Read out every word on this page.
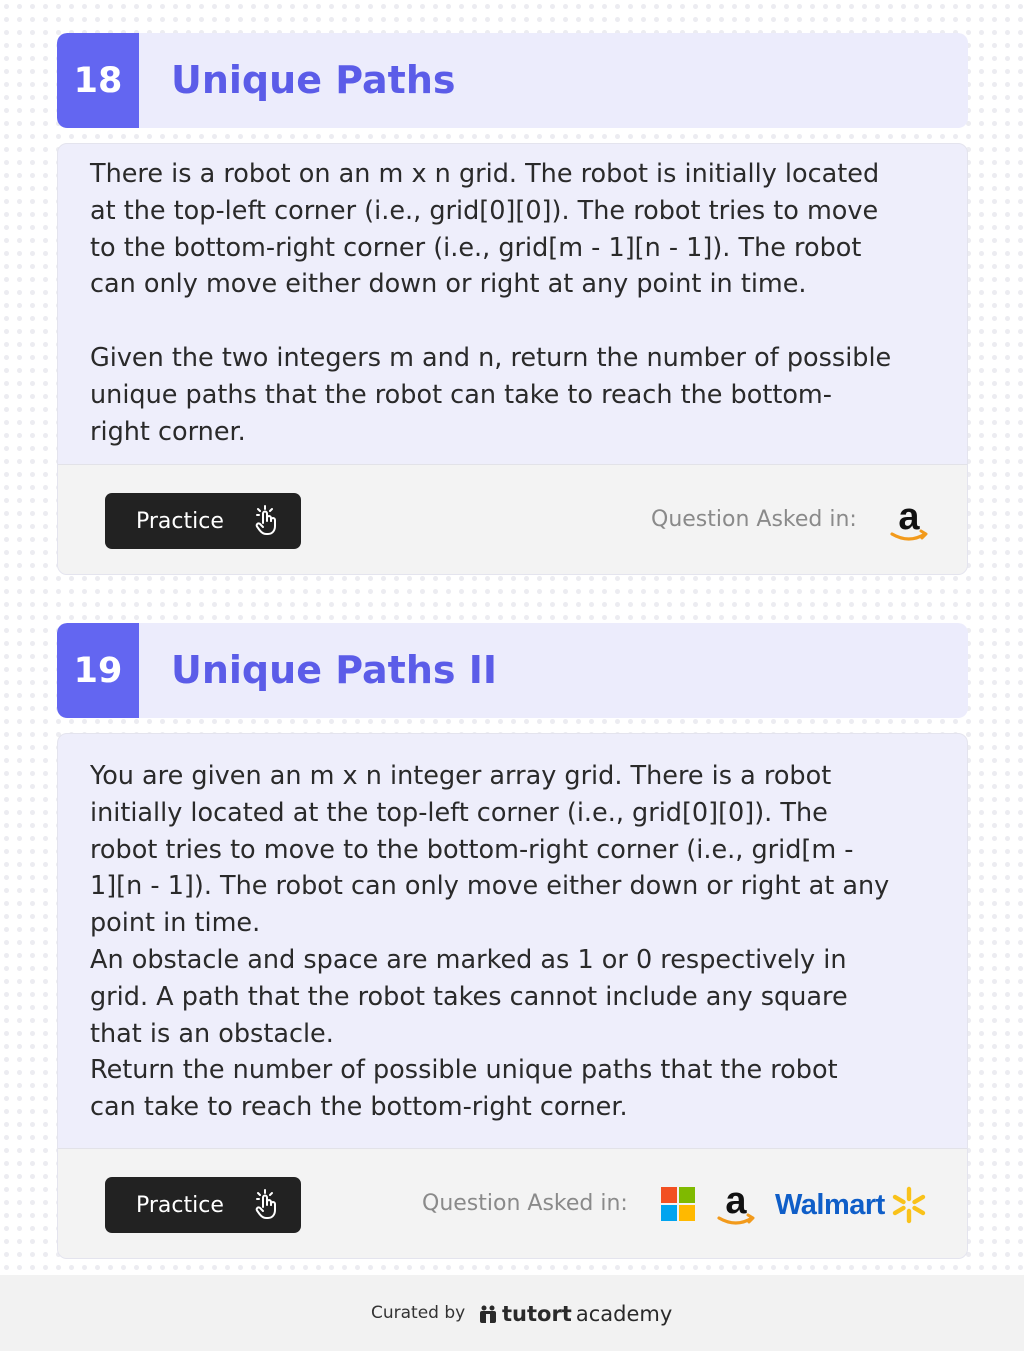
18	Unique Paths
There is a robot on an m x n grid. The robot is initially located
at the top-left corner (i.e., grid[0][0]). The robot tries to move
to the bottom-right corner (i.e., grid[m - 1][n - 1]). The robot
can only move either down or right at any point in time.

Given the two integers m and n, return the number of possible
unique paths that the robot can take to reach the bottom-
right corner.
Practice	Question Asked in: a
19	Unique Paths II
You are given an m x n integer array grid. There is a robot
initially located at the top-left corner (i.e., grid[0][0]). The
robot tries to move to the bottom-right corner (i.e., grid[m -
1][n - 1]). The robot can only move either down or right at any
point in time.
An obstacle and space are marked as 1 or 0 respectively in
grid. A path that the robot takes cannot include any square
that is an obstacle.
Return the number of possible unique paths that the robot
can take to reach the bottom-right corner.
Practice	Question Asked in:	a Walmart
Curated by tutort academy
